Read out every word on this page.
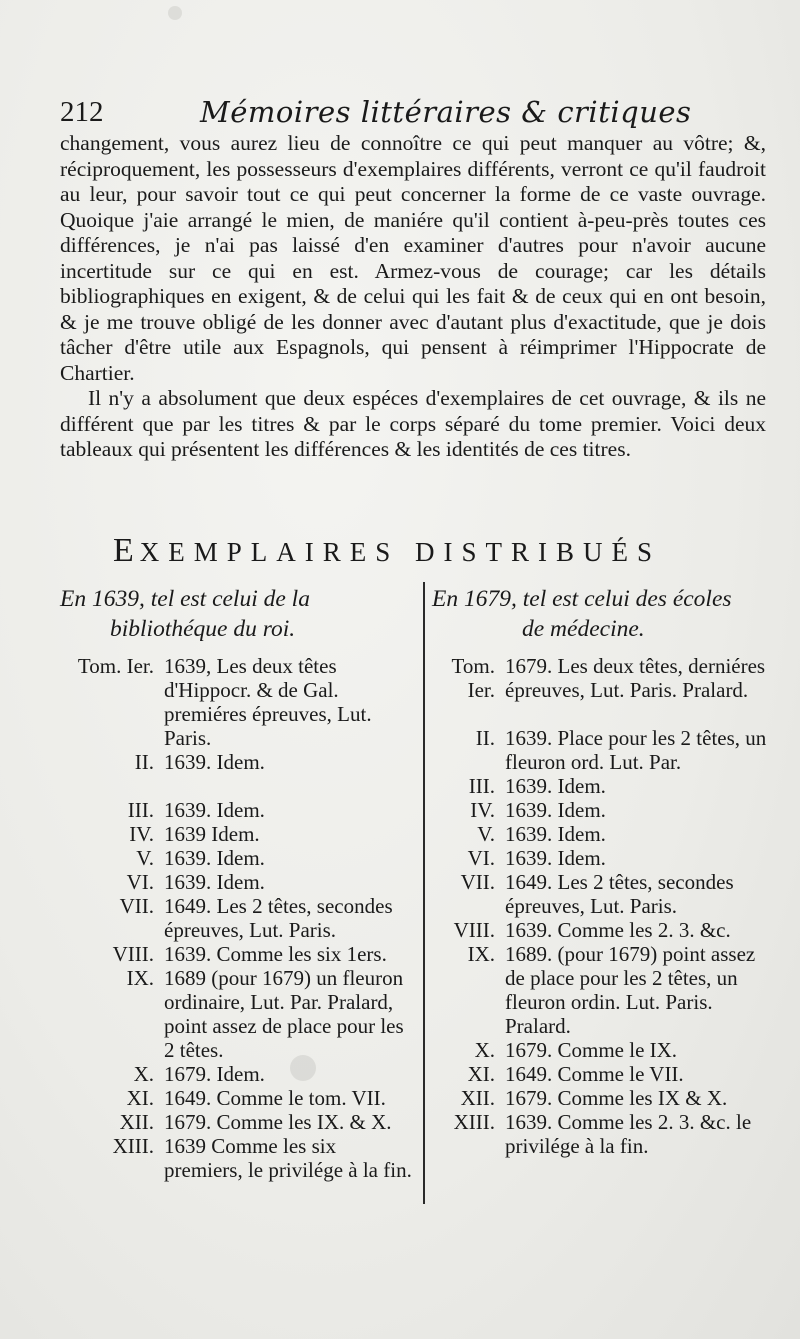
212	Mémoires littéraires & critiques

changement, vous aurez lieu de connoître ce qui peut manquer au vôtre; &, réciproquement, les possesseurs d'exemplaires différents, verront ce qu'il faudroit au leur, pour savoir tout ce qui peut concerner la forme de ce vaste ouvrage. Quoique j'aie arrangé le mien, de maniére qu'il contient à-peu-près toutes ces différences, je n'ai pas laissé d'en examiner d'autres pour n'avoir aucune incertitude sur ce qui en est. Armez-vous de courage; car les détails bibliographiques en exigent, & de celui qui les fait & de ceux qui en ont besoin, & je me trouve obligé de les donner avec d'autant plus d'exactitude, que je dois tâcher d'être utile aux Espagnols, qui pensent à réimprimer l'Hippocrate de Chartier.

Il n'y a absolument que deux espéces d'exemplaires de cet ouvrage, & ils ne différent que par les titres & par le corps séparé du tome premier. Voici deux tableaux qui présentent les différences & les identités de ces titres.

EXEMPLAIRES DISTRIBUÉS
En 1639, tel est celui de la
bibliothéque du roi.
Tom. Ier. 1639, Les deux têtes d'Hippocr. & de Gal. premiéres épreuves, Lut. Paris.
II. 1639. Idem.
III. 1639. Idem.
IV. 1639 Idem.
V. 1639. Idem.
VI. 1639. Idem.
VII. 1649. Les 2 têtes, secondes épreuves, Lut. Paris.
VIII. 1639. Comme les six 1ers.
IX. 1689 (pour 1679) un fleuron ordinaire, Lut. Par. Pralard, point assez de place pour les 2 têtes.
X. 1679. Idem.
XI. 1649. Comme le tom. VII.
XII. 1679. Comme les IX. & X.
XIII. 1639 Comme les six premiers, le privilége à la fin.
En 1679, tel est celui des écoles
de médecine.
Tom. Ier.
1679. Les deux têtes, derniéres épreuves, Lut. Paris. Pralard.
II. 1639. Place pour les 2 têtes, un fleuron ord. Lut. Par.
III. 1639. Idem.
IV. 1639. Idem.
V. 1639. Idem.
VI. 1639. Idem.
VII. 1649. Les 2 têtes, secondes épreuves, Lut. Paris.
VIII. 1639. Comme les 2. 3. &c.
IX. 1689. (pour 1679) point assez de place pour les 2 têtes, un fleuron ordin. Lut. Paris. Pralard.
X. 1679. Comme le IX.
XI. 1649. Comme le VII.
XII. 1679. Comme les IX & X.
XIII. 1639. Comme les 2. 3. &c. le privilége à la fin.
